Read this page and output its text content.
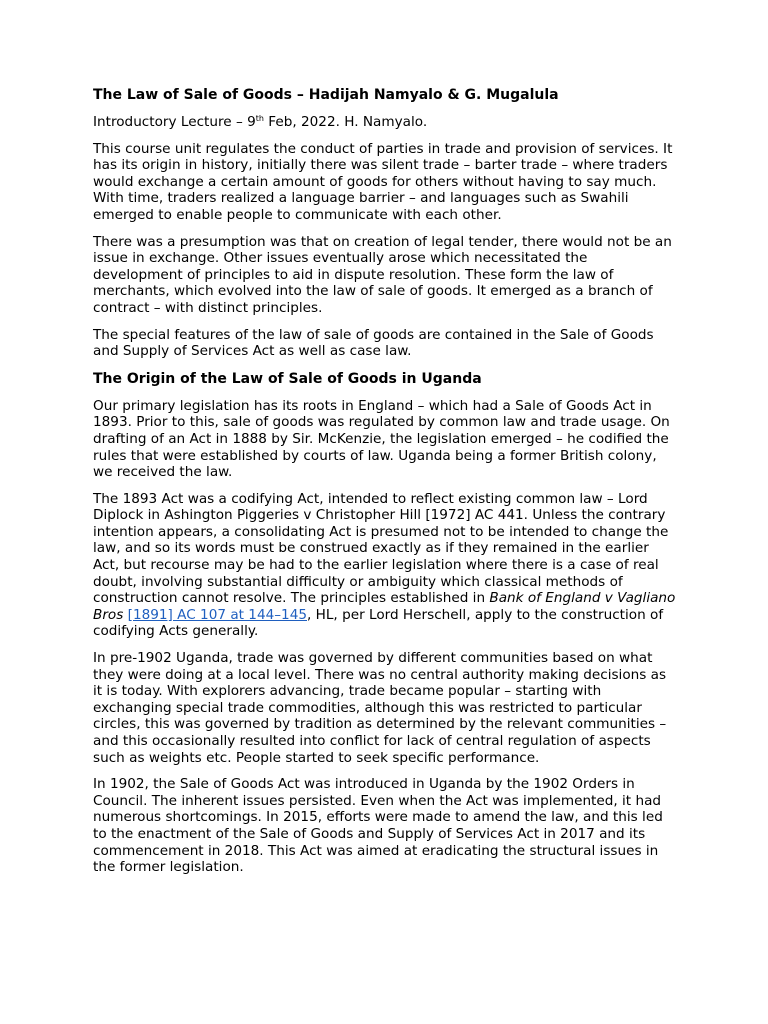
The Law of Sale of Goods – Hadijah Namyalo & G. Mugalula

Introductory Lecture – 9th Feb, 2022. H. Namyalo.

This course unit regulates the conduct of parties in trade and provision of services. It has its origin in history, initially there was silent trade – barter trade – where traders would exchange a certain amount of goods for others without having to say much. With time, traders realized a language barrier – and languages such as Swahili emerged to enable people to communicate with each other.

There was a presumption was that on creation of legal tender, there would not be an issue in exchange. Other issues eventually arose which necessitated the development of principles to aid in dispute resolution. These form the law of merchants, which evolved into the law of sale of goods. It emerged as a branch of contract – with distinct principles.

The special features of the law of sale of goods are contained in the Sale of Goods and Supply of Services Act as well as case law.

The Origin of the Law of Sale of Goods in Uganda

Our primary legislation has its roots in England – which had a Sale of Goods Act in 1893. Prior to this, sale of goods was regulated by common law and trade usage. On drafting of an Act in 1888 by Sir. McKenzie, the legislation emerged – he codified the rules that were established by courts of law. Uganda being a former British colony, we received the law.

The 1893 Act was a codifying Act, intended to reflect existing common law – Lord Diplock in Ashington Piggeries v Christopher Hill [1972] AC 441. Unless the contrary intention appears, a consolidating Act is presumed not to be intended to change the law, and so its words must be construed exactly as if they remained in the earlier Act, but recourse may be had to the earlier legislation where there is a case of real doubt, involving substantial difficulty or ambiguity which classical methods of construction cannot resolve. The principles established in Bank of England v Vagliano Bros [1891] AC 107 at 144–145, HL, per Lord Herschell, apply to the construction of codifying Acts generally.

In pre-1902 Uganda, trade was governed by different communities based on what they were doing at a local level. There was no central authority making decisions as it is today. With explorers advancing, trade became popular – starting with exchanging special trade commodities, although this was restricted to particular circles, this was governed by tradition as determined by the relevant communities – and this occasionally resulted into conflict for lack of central regulation of aspects such as weights etc. People started to seek specific performance.

In 1902, the Sale of Goods Act was introduced in Uganda by the 1902 Orders in Council. The inherent issues persisted. Even when the Act was implemented, it had numerous shortcomings. In 2015, efforts were made to amend the law, and this led to the enactment of the Sale of Goods and Supply of Services Act in 2017 and its commencement in 2018. This Act was aimed at eradicating the structural issues in the former legislation.
